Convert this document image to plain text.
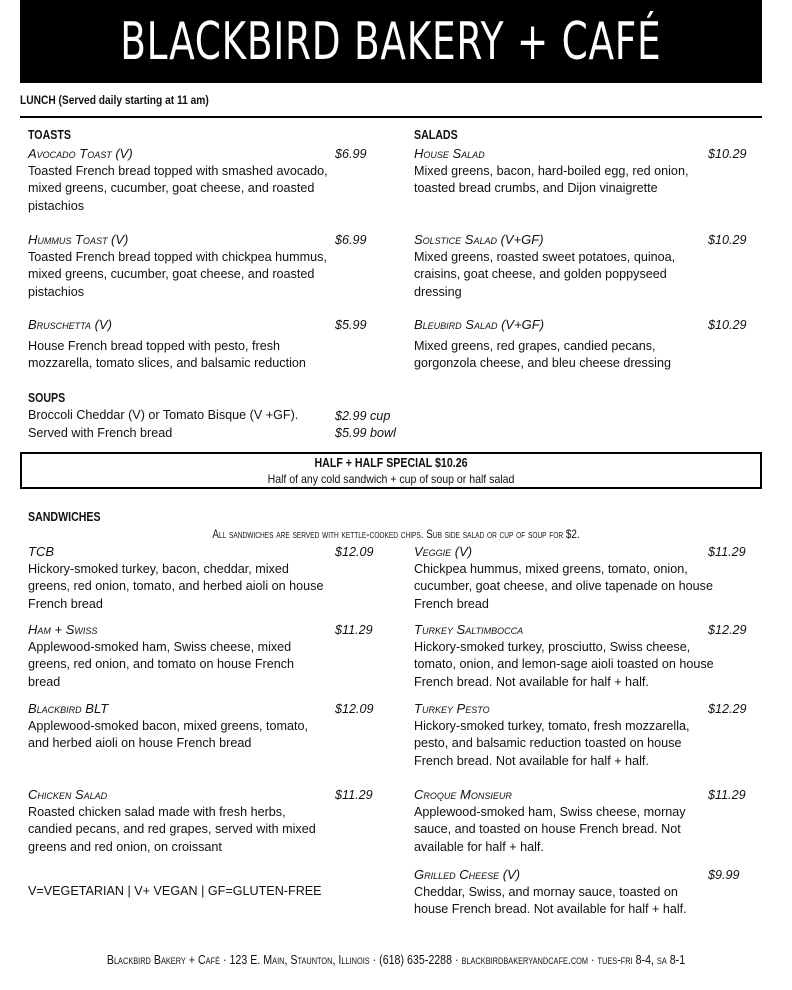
BLACKBIRD BAKERY + CAFÉ
LUNCH (Served daily starting at 11 am)
TOASTS	SALADS
Avocado Toast (V)
Toasted French bread topped with smashed avocado, mixed greens, cucumber, goat cheese, and roasted pistachios
$6.99
Hummus Toast (V)
Toasted French bread topped with chickpea hummus, mixed greens, cucumber, goat cheese, and roasted pistachios
$6.99
Bruschetta (V)
House French bread topped with pesto, fresh mozzarella, tomato slices, and balsamic reduction
$5.99
House Salad
Mixed greens, bacon, hard-boiled egg, red onion, toasted bread crumbs, and Dijon vinaigrette
$10.29
Solstice Salad (V+GF)
Mixed greens, roasted sweet potatoes, quinoa, craisins, goat cheese, and golden poppyseed dressing
$10.29
Bleubird Salad (V+GF)
Mixed greens, red grapes, candied pecans, gorgonzola cheese, and bleu cheese dressing
$10.29
SOUPS
Broccoli Cheddar (V) or Tomato Bisque (V +GF).
Served with French bread
$2.99 cup
$5.99 bowl
HALF + HALF SPECIAL $10.26
Half of any cold sandwich + cup of soup or half salad
SANDWICHES
All sandwiches are served with kettle-cooked chips. Sub side salad or cup of soup for $2.
TCB
Hickory-smoked turkey, bacon, cheddar, mixed greens, red onion, tomato, and herbed aioli on house French bread
$12.09
Ham + Swiss
Applewood-smoked ham, Swiss cheese, mixed greens, red onion, and tomato on house French bread
$11.29
Blackbird BLT
Applewood-smoked bacon, mixed greens, tomato, and herbed aioli on house French bread
$12.09
Chicken Salad
Roasted chicken salad made with fresh herbs, candied pecans, and red grapes, served with mixed greens and red onion, on croissant
$11.29
Veggie (V)
Chickpea hummus, mixed greens, tomato, onion, cucumber, goat cheese, and olive tapenade on house French bread
$11.29
Turkey Saltimbocca
Hickory-smoked turkey, prosciutto, Swiss cheese, tomato, onion, and lemon-sage aioli toasted on house French bread. Not available for half + half.
$12.29
Turkey Pesto
Hickory-smoked turkey, tomato, fresh mozzarella, pesto, and balsamic reduction toasted on house French bread. Not available for half + half.
$12.29
Croque Monsieur
Applewood-smoked ham, Swiss cheese, mornay sauce, and toasted on house French bread. Not available for half + half.
$11.29
Grilled Cheese (V)
Cheddar, Swiss, and mornay sauce, toasted on house French bread. Not available for half + half.
$9.99
V=VEGETARIAN | V+ VEGAN | GF=GLUTEN-FREE
Blackbird Bakery + Café · 123 E. Main, Staunton, Illinois · (618) 635-2288 · blackbirdbakeryandcafe.com · tues-fri 8-4, sa 8-1
